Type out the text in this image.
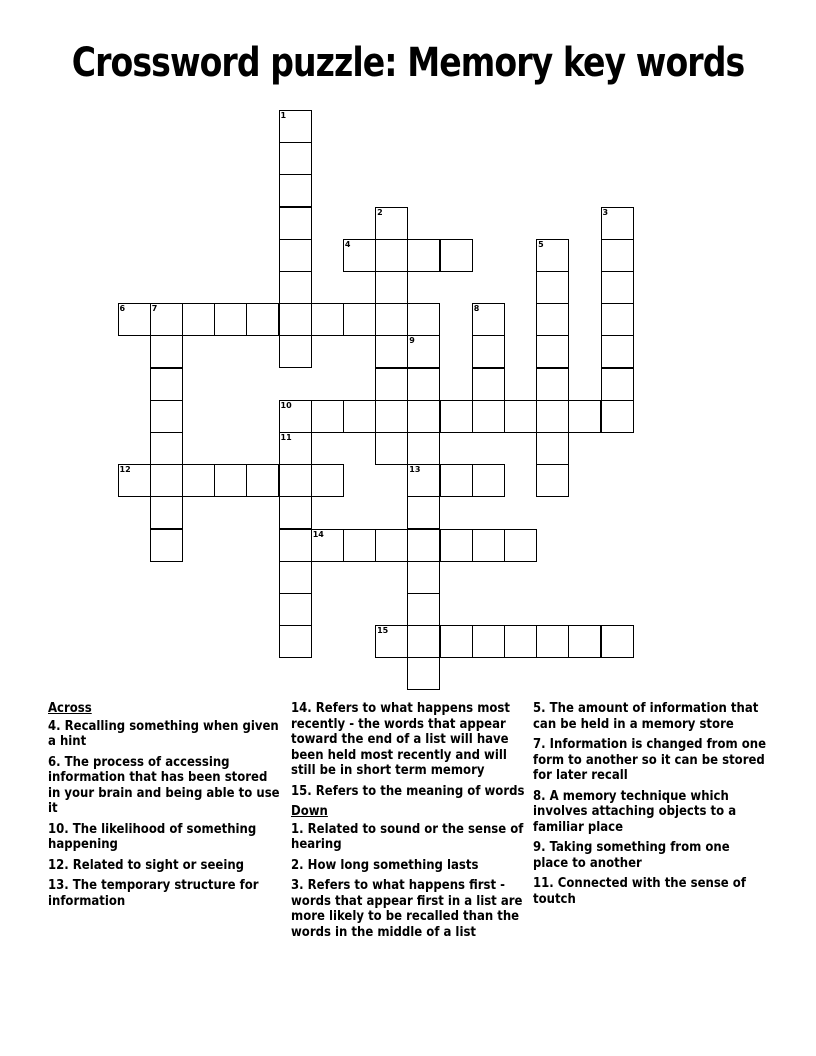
Crossword puzzle: Memory key words
1
2
4
3
5
6	7	8
9
10
11
12	13
14
15
Across
4. Recalling something when given a hint
6. The process of accessing information that has been stored in your brain and being able to use it
10. The likelihood of something happening
12. Related to sight or seeing
13. The temporary structure for information
14. Refers to what happens most recently - the words that appear toward the end of a list will have been held most recently and will still be in short term memory
15. Refers to the meaning of words
Down
1. Related to sound or the sense of hearing
2. How long something lasts
3. Refers to what happens first - words that appear first in a list are more likely to be recalled than the words in the middle of a list
5. The amount of information that can be held in a memory store
7. Information is changed from one form to another so it can be stored for later recall
8. A memory technique which involves attaching objects to a familiar place
9. Taking something from one place to another
11. Connected with the sense of toutch
